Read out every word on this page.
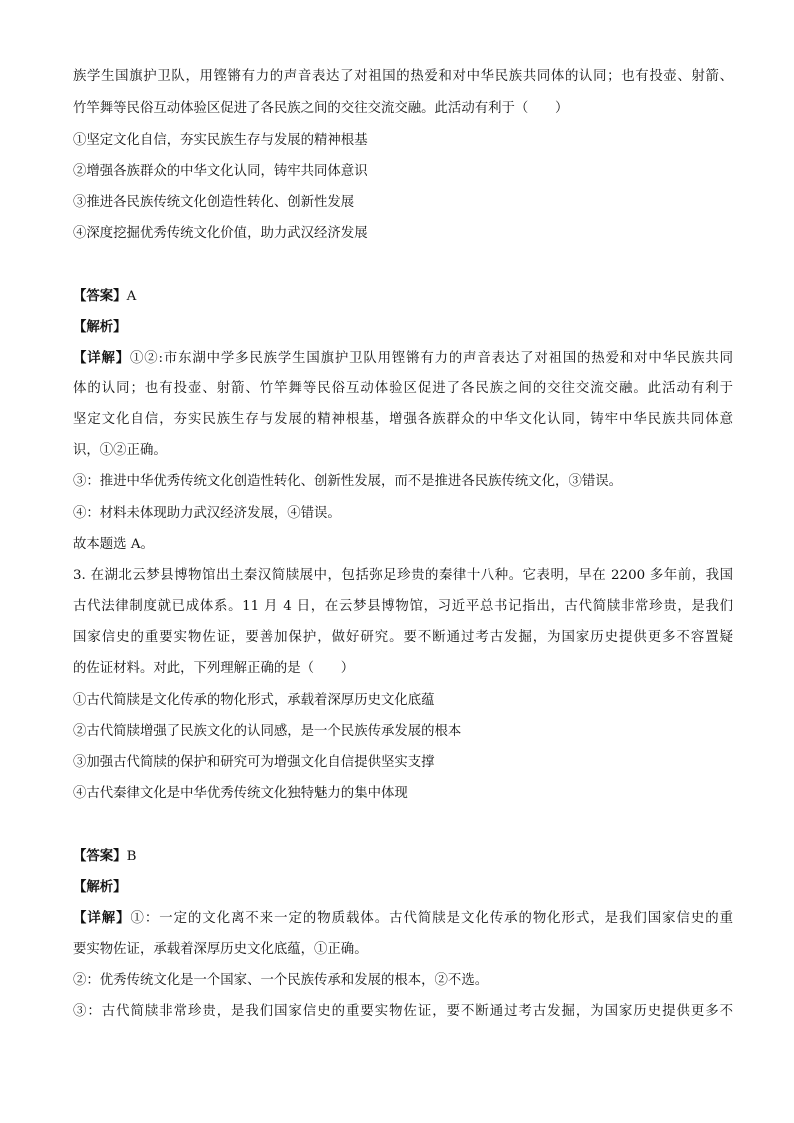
族学生国旗护卫队，用铿锵有力的声音表达了对祖国的热爱和对中华民族共同体的认同；也有投壶、射箭、
竹竿舞等民俗互动体验区促进了各民族之间的交往交流交融。此活动有利于（　　）
①坚定文化自信，夯实民族生存与发展的精神根基
②增强各族群众的中华文化认同，铸牢共同体意识
③推进各民族传统文化创造性转化、创新性发展
④深度挖掘优秀传统文化价值，助力武汉经济发展
【答案】A
【解析】
【详解】①②:市东湖中学多民族学生国旗护卫队用铿锵有力的声音表达了对祖国的热爱和对中华民族共同
体的认同；也有投壶、射箭、竹竿舞等民俗互动体验区促进了各民族之间的交往交流交融。此活动有利于
坚定文化自信，夯实民族生存与发展的精神根基，增强各族群众的中华文化认同，铸牢中华民族共同体意
识，①②正确。
③：推进中华优秀传统文化创造性转化、创新性发展，而不是推进各民族传统文化，③错误。
④：材料未体现助力武汉经济发展，④错误。
故本题选 A。
3. 在湖北云梦县博物馆出土秦汉简牍展中，包括弥足珍贵的秦律十八种。它表明，早在 2200 多年前，我国
古代法律制度就已成体系。11 月 4 日，在云梦县博物馆，习近平总书记指出，古代简牍非常珍贵，是我们
国家信史的重要实物佐证，要善加保护，做好研究。要不断通过考古发掘，为国家历史提供更多不容置疑
的佐证材料。对此，下列理解正确的是（　　）
①古代简牍是文化传承的物化形式，承载着深厚历史文化底蕴
②古代简牍增强了民族文化的认同感，是一个民族传承发展的根本
③加强古代简牍的保护和研究可为增强文化自信提供坚实支撑
④古代秦律文化是中华优秀传统文化独特魅力的集中体现
【答案】B
【解析】
【详解】①：一定的文化离不来一定的物质载体。古代简牍是文化传承的物化形式，是我们国家信史的重
要实物佐证，承载着深厚历史文化底蕴，①正确。
②：优秀传统文化是一个国家、一个民族传承和发展的根本，②不选。
③：古代简牍非常珍贵，是我们国家信史的重要实物佐证，要不断通过考古发掘，为国家历史提供更多不
